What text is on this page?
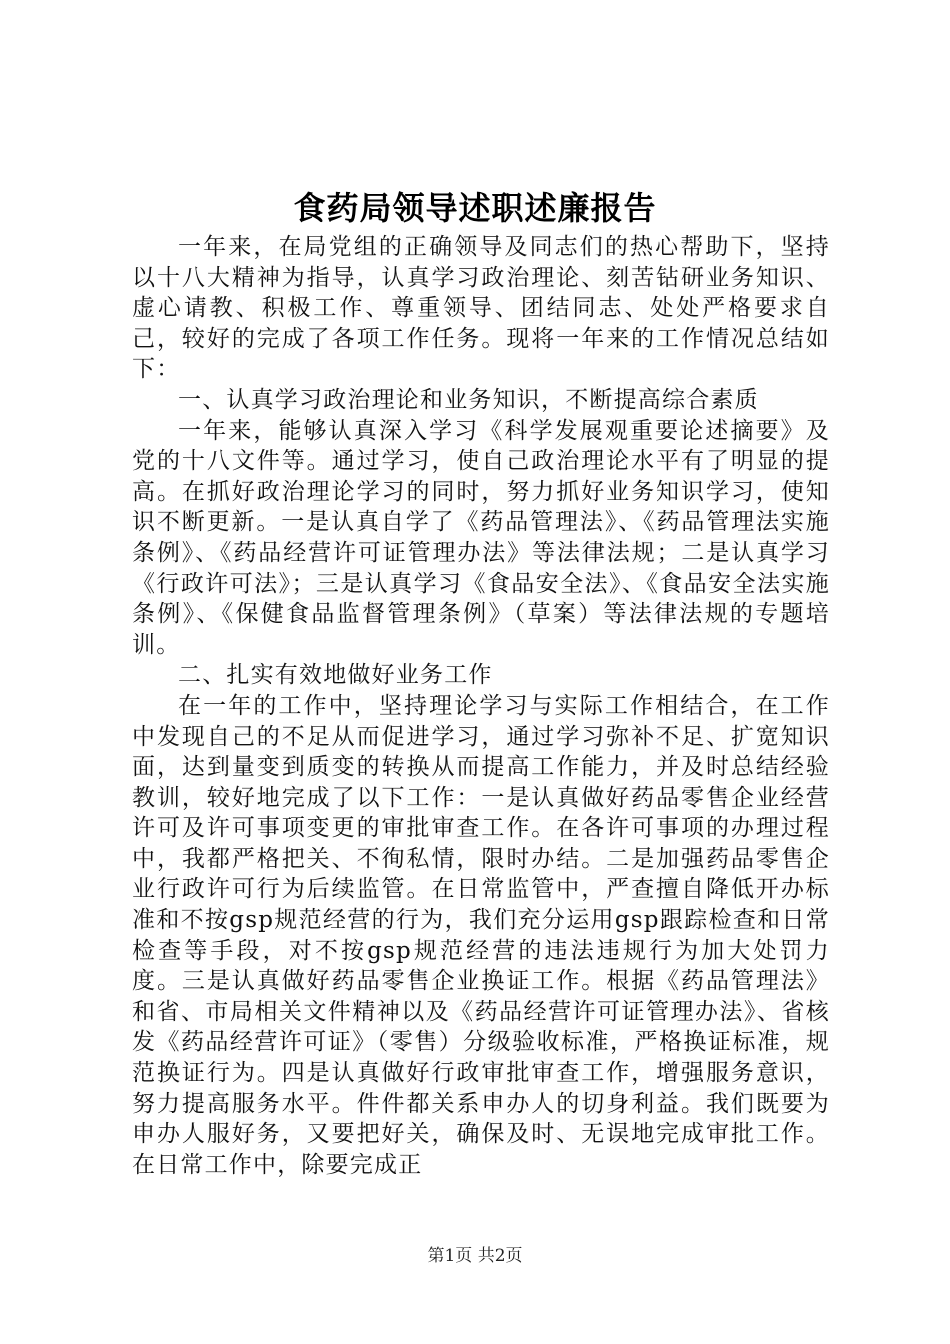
食药局领导述职述廉报告

一年来，在局党组的正确领导及同志们的热心帮助下，坚持以十八大精神为指导，认真学习政治理论、刻苦钻研业务知识、虚心请教、积极工作、尊重领导、团结同志、处处严格要求自己，较好的完成了各项工作任务。现将一年来的工作情况总结如下：

一、认真学习政治理论和业务知识，不断提高综合素质

一年来，能够认真深入学习《科学发展观重要论述摘要》及党的十八文件等。通过学习，使自己政治理论水平有了明显的提高。在抓好政治理论学习的同时，努力抓好业务知识学习，使知识不断更新。一是认真自学了《药品管理法》、《药品管理法实施条例》、《药品经营许可证管理办法》等法律法规；二是认真学习《行政许可法》；三是认真学习《食品安全法》、《食品安全法实施条例》、《保健食品监督管理条例》（草案）等法律法规的专题培训。

二、扎实有效地做好业务工作

在一年的工作中，坚持理论学习与实际工作相结合，在工作中发现自己的不足从而促进学习，通过学习弥补不足、扩宽知识面，达到量变到质变的转换从而提高工作能力，并及时总结经验教训，较好地完成了以下工作：一是认真做好药品零售企业经营许可及许可事项变更的审批审查工作。在各许可事项的办理过程中，我都严格把关、不徇私情，限时办结。二是加强药品零售企业行政许可行为后续监管。在日常监管中，严查擅自降低开办标准和不按gsp规范经营的行为，我们充分运用gsp跟踪检查和日常检查等手段，对不按gsp规范经营的违法违规行为加大处罚力度。三是认真做好药品零售企业换证工作。根据《药品管理法》和省、市局相关文件精神以及《药品经营许可证管理办法》、省核发《药品经营许可证》（零售）分级验收标准，严格换证标准，规范换证行为。四是认真做好行政审批审查工作，增强服务意识，努力提高服务水平。件件都关系申办人的切身利益。我们既要为申办人服好务，又要把好关，确保及时、无误地完成审批工作。在日常工作中，除要完成正

第1页 共2页
